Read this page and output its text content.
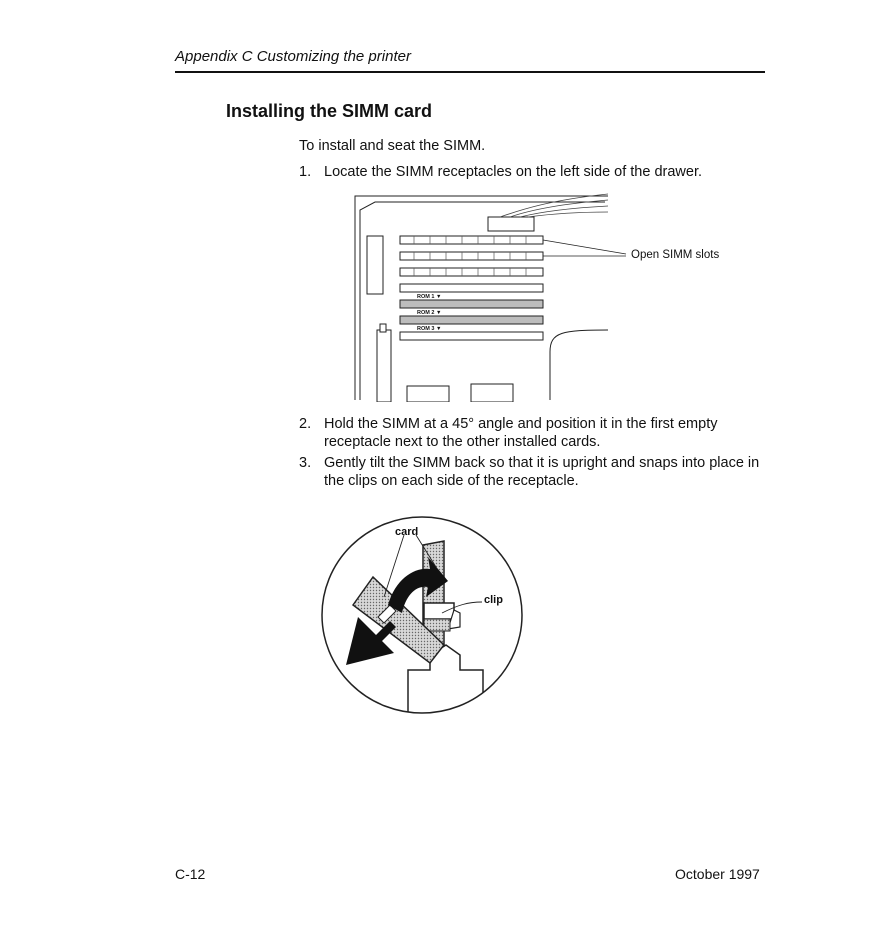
Appendix C Customizing the printer
Installing the SIMM card
To install and seat the SIMM.
1. Locate the SIMM receptacles on the left side of the drawer.
ROM 1 ▼
ROM 2 ▼
ROM 3 ▼
Open SIMM slots
2. Hold the SIMM at a 45° angle and position it in the first empty receptacle next to the other installed cards.
3. Gently tilt the SIMM back so that it is upright and snaps into place in the clips on each side of the receptacle.
card
clip
C-12	October 1997
